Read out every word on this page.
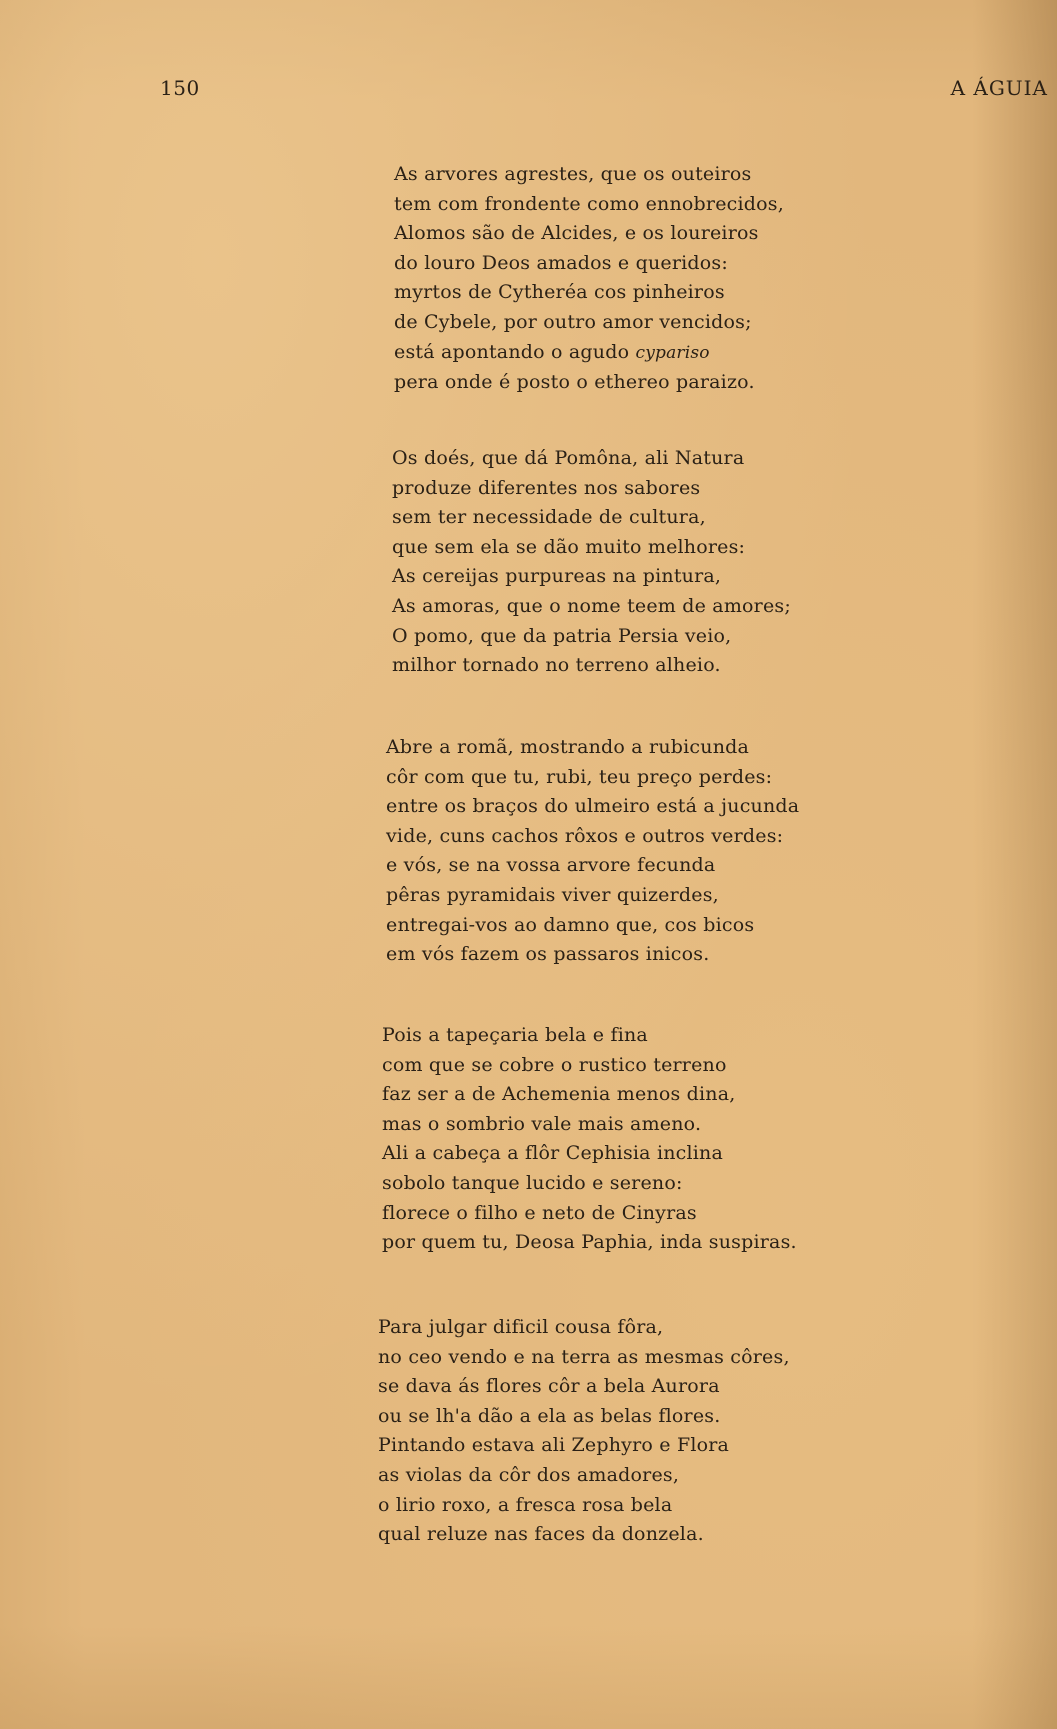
150	A ÁGUIA
As arvores agrestes, que os outeiros
tem com frondente como ennobrecidos,
Alomos são de Alcides, e os loureiros
do louro Deos amados e queridos:
myrtos de Cytheréa cos pinheiros
de Cybele, por outro amor vencidos;
está apontando o agudo cypariso
pera onde é posto o ethereo paraizo.
Os doés, que dá Pomôna, ali Natura
produze diferentes nos sabores
sem ter necessidade de cultura,
que sem ela se dão muito melhores:
As cereijas purpureas na pintura,
As amoras, que o nome teem de amores;
O pomo, que da patria Persia veio,
milhor tornado no terreno alheio.
Abre a romã, mostrando a rubicunda
côr com que tu, rubi, teu preço perdes:
entre os braços do ulmeiro está a jucunda
vide, cuns cachos rôxos e outros verdes:
e vós, se na vossa arvore fecunda
pêras pyramidais viver quizerdes,
entregai-vos ao damno que, cos bicos
em vós fazem os passaros inicos.
Pois a tapeçaria bela e fina
com que se cobre o rustico terreno
faz ser a de Achemenia menos dina,
mas o sombrio vale mais ameno.
Ali a cabeça a flôr Cephisia inclina
sobolo tanque lucido e sereno:
florece o filho e neto de Cinyras
por quem tu, Deosa Paphia, inda suspiras.
Para julgar dificil cousa fôra,
no ceo vendo e na terra as mesmas côres,
se dava ás flores côr a bela Aurora
ou se lh'a dão a ela as belas flores.
Pintando estava ali Zephyro e Flora
as violas da côr dos amadores,
o lirio roxo, a fresca rosa bela
qual reluze nas faces da donzela.
